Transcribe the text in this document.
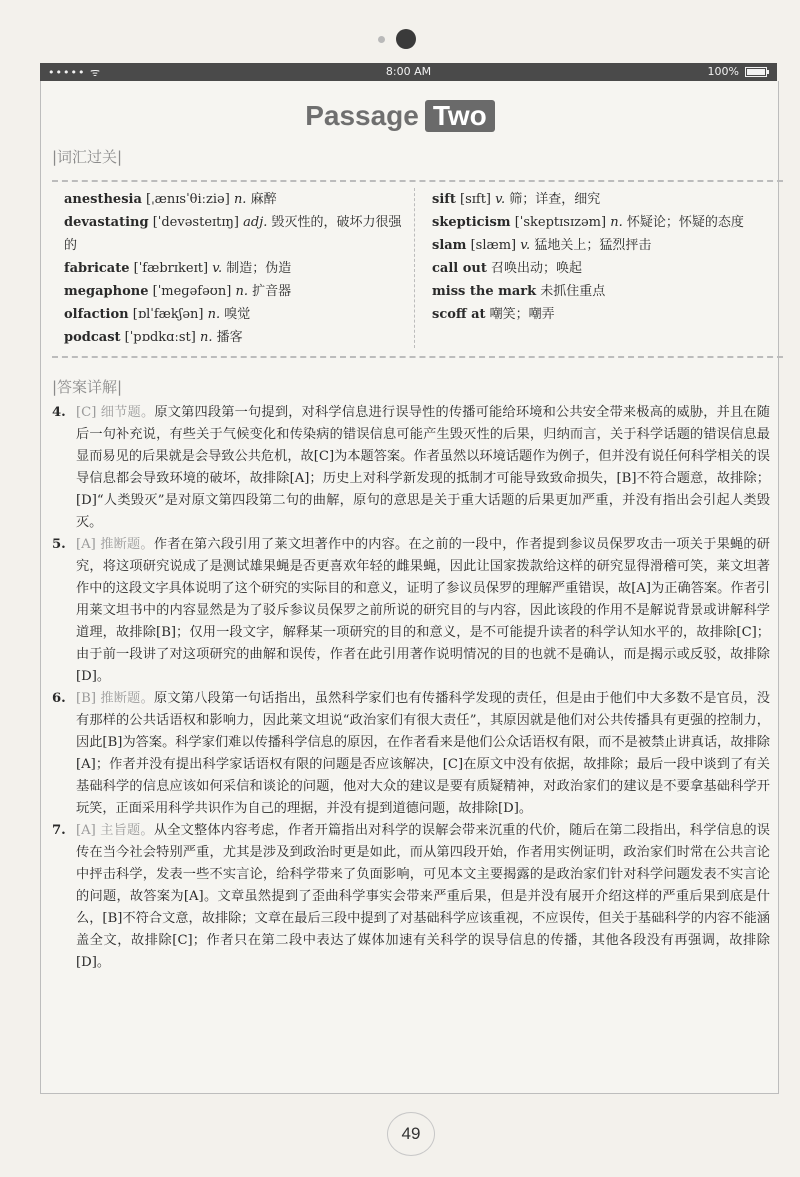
••••• ᯤ	8:00 AM	100%
Passage Two
|词汇过关|
anesthesia [ˌænɪsˈθiːziə] n. 麻醉
devastating [ˈdevəsteɪtɪŋ] adj. 毁灭性的，破坏力很强的
fabricate [ˈfæbrɪkeɪt] v. 制造；伪造
megaphone [ˈmeɡəfəʊn] n. 扩音器
olfaction [ɒlˈfækʃən] n. 嗅觉
podcast [ˈpɒdkɑːst] n. 播客
sift [sɪft] v. 筛；详查，细究
skepticism [ˈskeptɪsɪzəm] n. 怀疑论；怀疑的态度
slam [slæm] v. 猛地关上；猛烈抨击
call out 召唤出动；唤起
miss the mark 未抓住重点
scoff at 嘲笑；嘲弄
|答案详解|
4. [C] 细节题。原文第四段第一句提到，对科学信息进行误导性的传播可能给环境和公共安全带来极高的威胁，并且在随后一句补充说，有些关于气候变化和传染病的错误信息可能产生毁灭性的后果，归纳而言，关于科学话题的错误信息最显而易见的后果就是会导致公共危机，故[C]为本题答案。作者虽然以环境话题作为例子，但并没有说任何科学相关的误导信息都会导致环境的破坏，故排除[A]；历史上对科学新发现的抵制才可能导致致命损失，[B]不符合题意，故排除；[D]“人类毁灭”是对原文第四段第二句的曲解，原句的意思是关于重大话题的后果更加严重，并没有指出会引起人类毁灭。
5. [A] 推断题。作者在第六段引用了莱文坦著作中的内容。在之前的一段中，作者提到参议员保罗攻击一项关于果蝇的研究，将这项研究说成了是测试雄果蝇是否更喜欢年轻的雌果蝇，因此让国家拨款给这样的研究显得滑稽可笑，莱文坦著作中的这段文字具体说明了这个研究的实际目的和意义，证明了参议员保罗的理解严重错误，故[A]为正确答案。作者引用莱文坦书中的内容显然是为了驳斥参议员保罗之前所说的研究目的与内容，因此该段的作用不是解说背景或讲解科学道理，故排除[B]；仅用一段文字，解释某一项研究的目的和意义，是不可能提升读者的科学认知水平的，故排除[C]；由于前一段讲了对这项研究的曲解和误传，作者在此引用著作说明情况的目的也就不是确认，而是揭示或反驳，故排除[D]。
6. [B] 推断题。原文第八段第一句话指出，虽然科学家们也有传播科学发现的责任，但是由于他们中大多数不是官员，没有那样的公共话语权和影响力，因此莱文坦说“政治家们有很大责任”，其原因就是他们对公共传播具有更强的控制力，因此[B]为答案。科学家们难以传播科学信息的原因，在作者看来是他们公众话语权有限，而不是被禁止讲真话，故排除[A]；作者并没有提出科学家话语权有限的问题是否应该解决，[C]在原文中没有依据，故排除；最后一段中谈到了有关基础科学的信息应该如何采信和谈论的问题，他对大众的建议是要有质疑精神，对政治家们的建议是不要拿基础科学开玩笑，正面采用科学共识作为自己的理据，并没有提到道德问题，故排除[D]。
7. [A] 主旨题。从全文整体内容考虑，作者开篇指出对科学的误解会带来沉重的代价，随后在第二段指出，科学信息的误传在当今社会特别严重，尤其是涉及到政治时更是如此，而从第四段开始，作者用实例证明，政治家们时常在公共言论中抨击科学，发表一些不实言论，给科学带来了负面影响，可见本文主要揭露的是政治家们针对科学问题发表不实言论的问题，故答案为[A]。文章虽然提到了歪曲科学事实会带来严重后果，但是并没有展开介绍这样的严重后果到底是什么，[B]不符合文意，故排除；文章在最后三段中提到了对基础科学应该重视，不应误传，但关于基础科学的内容不能涵盖全文，故排除[C]；作者只在第二段中表达了媒体加速有关科学的误导信息的传播，其他各段没有再强调，故排除[D]。
49
